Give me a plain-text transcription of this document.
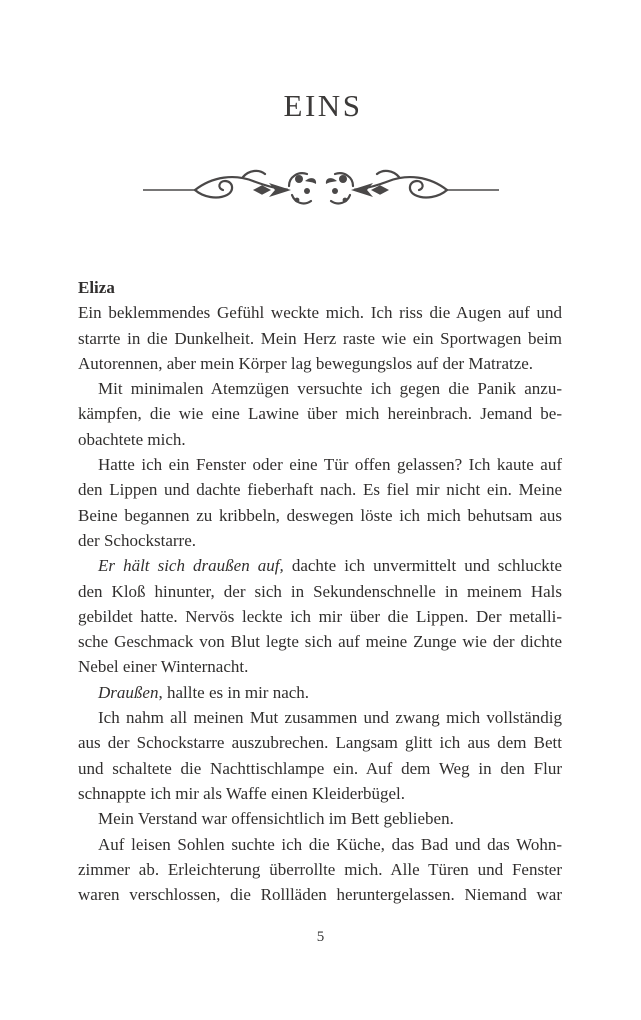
EINS
Eliza
Ein beklemmendes Gefühl weckte mich. Ich riss die Augen auf und
starrte in die Dunkelheit. Mein Herz raste wie ein Sportwagen beim
Autorennen, aber mein Körper lag bewegungslos auf der Matratze.
Mit minimalen Atemzügen versuchte ich gegen die Panik anzu-
kämpfen, die wie eine Lawine über mich hereinbrach. Jemand be-
obachtete mich.
Hatte ich ein Fenster oder eine Tür offen gelassen? Ich kaute auf
den Lippen und dachte fieberhaft nach. Es fiel mir nicht ein. Meine
Beine begannen zu kribbeln, deswegen löste ich mich behutsam aus
der Schockstarre.
Er hält sich draußen auf, dachte ich unvermittelt und schluckte
den Kloß hinunter, der sich in Sekundenschnelle in meinem Hals
gebildet hatte. Nervös leckte ich mir über die Lippen. Der metalli-
sche Geschmack von Blut legte sich auf meine Zunge wie der dichte
Nebel einer Winternacht.
Draußen, hallte es in mir nach.
Ich nahm all meinen Mut zusammen und zwang mich vollständig
aus der Schockstarre auszubrechen. Langsam glitt ich aus dem Bett
und schaltete die Nachttischlampe ein. Auf dem Weg in den Flur
schnappte ich mir als Waffe einen Kleiderbügel.
Mein Verstand war offensichtlich im Bett geblieben.
Auf leisen Sohlen suchte ich die Küche, das Bad und das Wohn-
zimmer ab. Erleichterung überrollte mich. Alle Türen und Fenster
waren verschlossen, die Rollläden heruntergelassen. Niemand war
5
